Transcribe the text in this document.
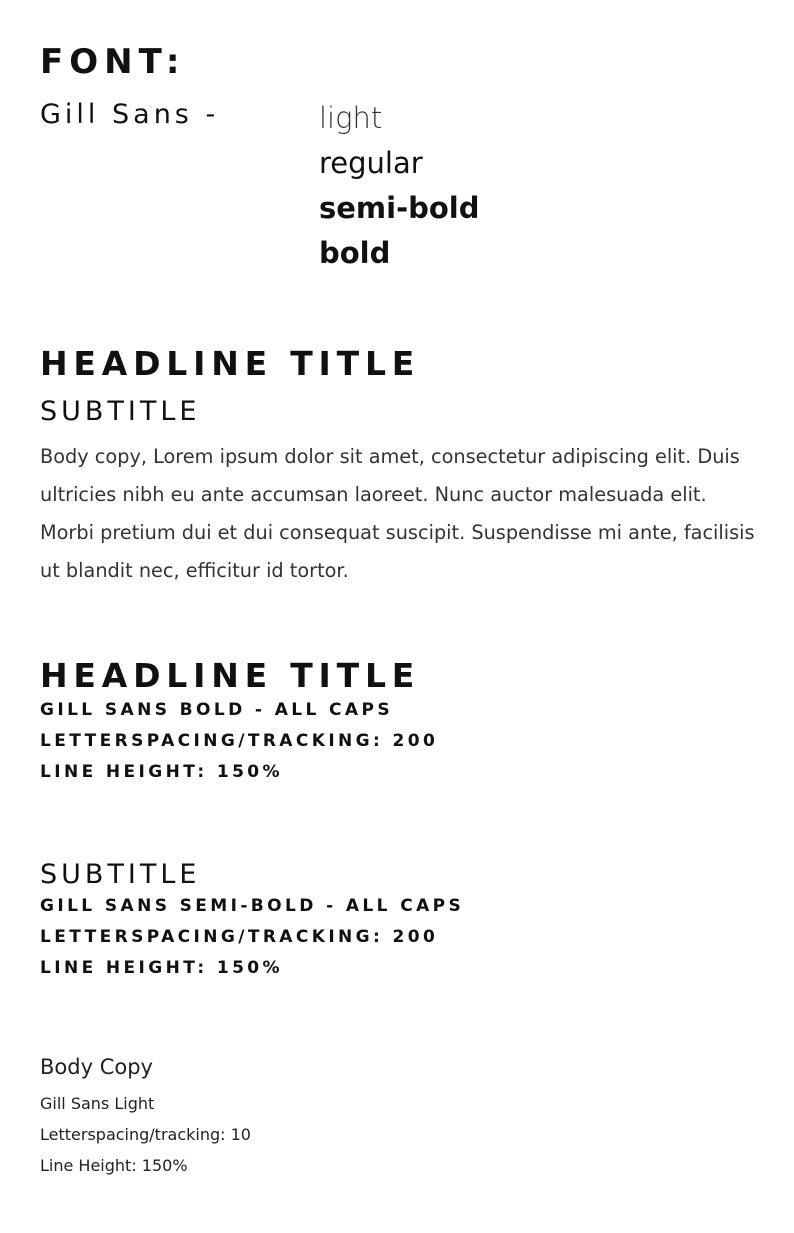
FONT:
Gill Sans -	light
regular
semi-bold
bold
HEADLINE TITLE
SUBTITLE
Body copy, Lorem ipsum dolor sit amet, consectetur adipiscing elit. Duis ultricies nibh eu ante accumsan laoreet. Nunc auctor malesuada elit. Morbi pretium dui et dui consequat suscipit. Suspendisse mi ante, facilisis ut blandit nec, efficitur id tortor.
HEADLINE TITLE
GILL SANS BOLD - ALL CAPS
LETTERSPACING/TRACKING: 200
LINE HEIGHT: 150%
SUBTITLE
GILL SANS SEMI-BOLD - ALL CAPS
LETTERSPACING/TRACKING: 200
LINE HEIGHT: 150%
Body Copy
Gill Sans Light
Letterspacing/tracking: 10
Line Height: 150%
